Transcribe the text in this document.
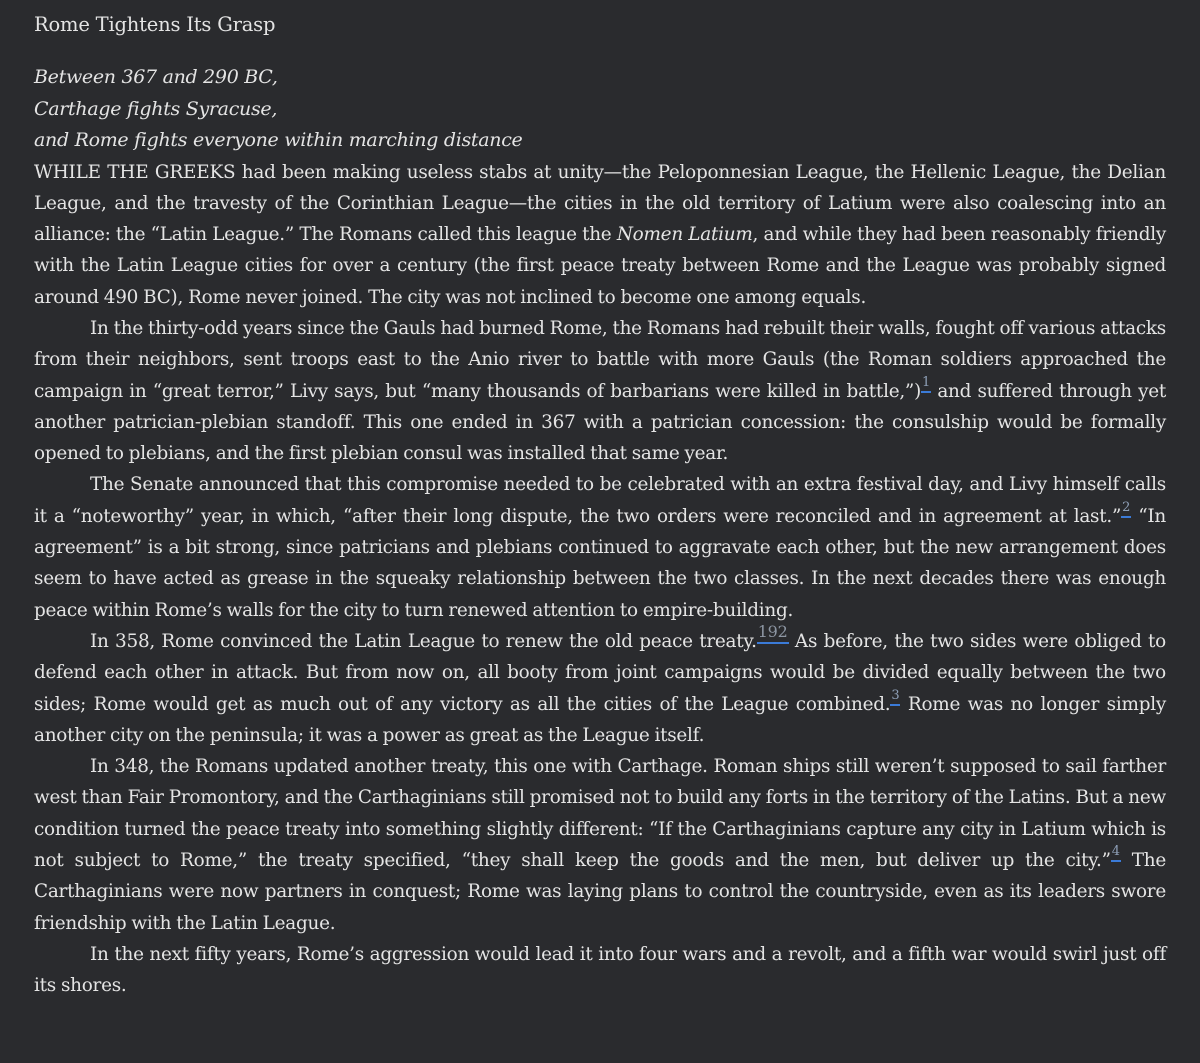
Rome Tightens Its Grasp
Between 367 and 290 BC,
Carthage fights Syracuse,
and Rome fights everyone within marching distance

WHILE THE GREEKS had been making useless stabs at unity—the Peloponnesian League, the Hellenic League, the Delian League, and the travesty of the Corinthian League—the cities in the old territory of Latium were also coalescing into an alliance: the “Latin League.” The Romans called this league the Nomen Latium, and while they had been reasonably friendly with the Latin League cities for over a century (the first peace treaty between Rome and the League was probably signed around 490 BC), Rome never joined. The city was not inclined to become one among equals.

In the thirty-odd years since the Gauls had burned Rome, the Romans had rebuilt their walls, fought off various attacks from their neighbors, sent troops east to the Anio river to battle with more Gauls (the Roman soldiers approached the campaign in “great terror,” Livy says, but “many thousands of barbarians were killed in battle,”)$^1$ and suffered through yet another patrician-plebian standoff. This one ended in 367 with a patrician concession: the consulship would be formally opened to plebians, and the first plebian consul was installed that same year.

The Senate announced that this compromise needed to be celebrated with an extra festival day, and Livy himself calls it a “noteworthy” year, in which, “after their long dispute, the two orders were reconciled and in agreement at last.”$^2$ “In agreement” is a bit strong, since patricians and plebians continued to aggravate each other, but the new arrangement does seem to have acted as grease in the squeaky relationship between the two classes. In the next decades there was enough peace within Rome’s walls for the city to turn renewed attention to empire-building.

In 358, Rome convinced the Latin League to renew the old peace treaty.$^{192}$ As before, the two sides were obliged to defend each other in attack. But from now on, all booty from joint campaigns would be divided equally between the two sides; Rome would get as much out of any victory as all the cities of the League combined.$^3$ Rome was no longer simply another city on the peninsula; it was a power as great as the League itself.

In 348, the Romans updated another treaty, this one with Carthage. Roman ships still weren’t supposed to sail farther west than Fair Promontory, and the Carthaginians still promised not to build any forts in the territory of the Latins. But a new condition turned the peace treaty into something slightly different: “If the Carthaginians capture any city in Latium which is not subject to Rome,” the treaty specified, “they shall keep the goods and the men, but deliver up the city.”$^4$ The Carthaginians were now partners in conquest; Rome was laying plans to control the countryside, even as its leaders swore friendship with the Latin League.

In the next fifty years, Rome’s aggression would lead it into four wars and a revolt, and a fifth war would swirl just off its shores.
